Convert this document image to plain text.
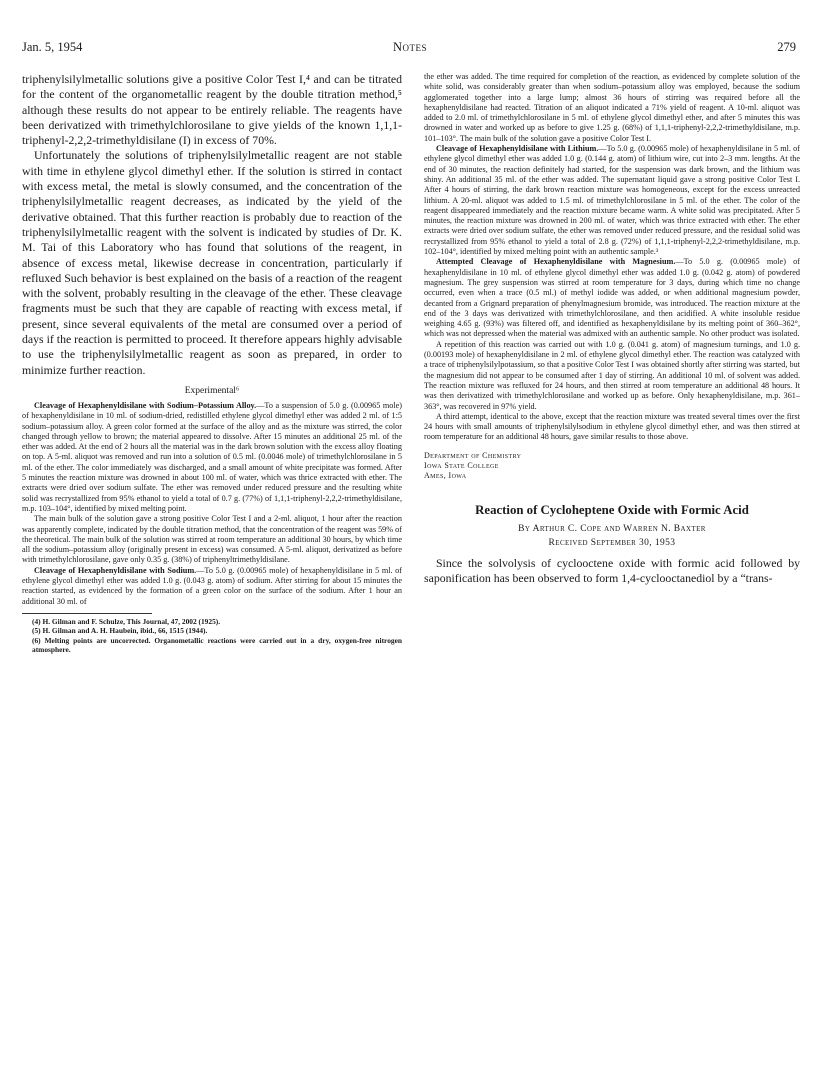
Jan. 5, 1954	Notes	279

triphenylsilylmetallic solutions give a positive Color Test I,⁴ and can be titrated for the content of the organometallic reagent by the double titration method,⁵ although these results do not appear to be entirely reliable. The reagents have been derivatized with trimethylchlorosilane to give yields of the known 1,1,1-triphenyl-2,2,2-trimethyldisilane (I) in excess of 70%.

Unfortunately the solutions of triphenylsilylmetallic reagent are not stable with time in ethylene glycol dimethyl ether. If the solution is stirred in contact with excess metal, the metal is slowly consumed, and the concentration of the triphenylsilylmetallic reagent decreases, as indicated by the yield of the derivative obtained. That this further reaction is probably due to reaction of the triphenylsilylmetallic reagent with the solvent is indicated by studies of Dr. K. M. Tai of this Laboratory who has found that solutions of the reagent, in absence of excess metal, likewise decrease in concentration, particularly if refluxed Such behavior is best explained on the basis of a reaction of the reagent with the solvent, probably resulting in the cleavage of the ether. These cleavage fragments must be such that they are capable of reacting with excess metal, if present, since several equivalents of the metal are consumed over a period of days if the reaction is permitted to proceed. It therefore appears highly advisable to use the triphenylsilylmetallic reagent as soon as prepared, in order to minimize further reaction.

Experimental⁶

Cleavage of Hexaphenyldisilane with Sodium–Potassium Alloy.—To a suspension of 5.0 g. (0.00965 mole) of hexaphenyldisilane in 10 ml. of sodium-dried, redistilled ethylene glycol dimethyl ether was added 2 ml. of 1:5 sodium–potassium alloy. A green color formed at the surface of the alloy and as the mixture was stirred, the color changed through yellow to brown; the material appeared to dissolve. After 15 minutes an additional 25 ml. of the ether was added. At the end of 2 hours all the material was in the dark brown solution with the excess alloy floating on top. A 5-ml. aliquot was removed and run into a solution of 0.5 ml. (0.0046 mole) of trimethylchlorosilane in 5 ml. of the ether. The color immediately was discharged, and a small amount of white precipitate was formed. After 5 minutes the reaction mixture was drowned in about 100 ml. of water, which was thrice extracted with ether. The extracts were dried over sodium sulfate. The ether was removed under reduced pressure and the resulting white solid was recrystallized from 95% ethanol to yield a total of 0.7 g. (77%) of 1,1,1-triphenyl-2,2,2-trimethyldisilane, m.p. 103–104°, identified by mixed melting point.

The main bulk of the solution gave a strong positive Color Test I and a 2-ml. aliquot, 1 hour after the reaction was apparently complete, indicated by the double titration method, that the concentration of the reagent was 59% of the theoretical. The main bulk of the solution was stirred at room temperature an additional 30 hours, by which time all the sodium–potassium alloy (originally present in excess) was consumed. A 5-ml. aliquot, derivatized as before with trimethylchlorosilane, gave only 0.35 g. (38%) of triphenyltrimethyldisilane.

Cleavage of Hexaphenyldisilane with Sodium.—To 5.0 g. (0.00965 mole) of hexaphenyldisilane in 5 ml. of ethylene glycol dimethyl ether was added 1.0 g. (0.043 g. atom) of sodium. After stirring for about 15 minutes the reaction started, as evidenced by the formation of a green color on the surface of the sodium. After 1 hour an additional 30 ml. of

(4) H. Gilman and F. Schulze, This Journal, 47, 2002 (1925).

(5) H. Gilman and A. H. Haubein, ibid., 66, 1515 (1944).

(6) Melting points are uncorrected. Organometallic reactions were carried out in a dry, oxygen-free nitrogen atmosphere.

the ether was added. The time required for completion of the reaction, as evidenced by complete solution of the white solid, was considerably greater than when sodium–potassium alloy was employed, because the sodium agglomerated together into a large lump; almost 36 hours of stirring was required before all the hexaphenyldisilane had reacted. Titration of an aliquot indicated a 71% yield of reagent. A 10-ml. aliquot was added to 2.0 ml. of trimethylchlorosilane in 5 ml. of ethylene glycol dimethyl ether, and after 5 minutes this was drowned in water and worked up as before to give 1.25 g. (68%) of 1,1,1-triphenyl-2,2,2-trimethyldisilane, m.p. 101–103°. The main bulk of the solution gave a positive Color Test I.

Cleavage of Hexaphenyldisilane with Lithium.—To 5.0 g. (0.00965 mole) of hexaphenyldisilane in 5 ml. of ethylene glycol dimethyl ether was added 1.0 g. (0.144 g. atom) of lithium wire, cut into 2–3 mm. lengths. At the end of 30 minutes, the reaction definitely had started, for the suspension was dark brown, and the lithium was shiny. An additional 35 ml. of the ether was added. The supernatant liquid gave a strong positive Color Test I. After 4 hours of stirring, the dark brown reaction mixture was homogeneous, except for the excess unreacted lithium. A 20-ml. aliquot was added to 1.5 ml. of trimethylchlorosilane in 5 ml. of the ether. The color of the reagent disappeared immediately and the reaction mixture became warm. A white solid was precipitated. After 5 minutes, the reaction mixture was drowned in 200 ml. of water, which was thrice extracted with ether. The ether extracts were dried over sodium sulfate, the ether was removed under reduced pressure, and the residual solid was recrystallized from 95% ethanol to yield a total of 2.8 g. (72%) of 1,1,1-triphenyl-2,2,2-trimethyldisilane, m.p. 102–104°, identified by mixed melting point with an authentic sample.³

Attempted Cleavage of Hexaphenyldisilane with Magnesium.—To 5.0 g. (0.00965 mole) of hexaphenyldisilane in 10 ml. of ethylene glycol dimethyl ether was added 1.0 g. (0.042 g. atom) of powdered magnesium. The grey suspension was stirred at room temperature for 3 days, during which time no change occurred, even when a trace (0.5 ml.) of methyl iodide was added, or when additional magnesium powder, decanted from a Grignard preparation of phenylmagnesium bromide, was introduced. The reaction mixture at the end of the 3 days was derivatized with trimethylchlorosilane, and then acidified. A white insoluble residue weighing 4.65 g. (93%) was filtered off, and identified as hexaphenyldisilane by its melting point of 360–362°, which was not depressed when the material was admixed with an authentic sample. No other product was isolated.

A repetition of this reaction was carried out with 1.0 g. (0.041 g. atom) of magnesium turnings, and 1.0 g. (0.00193 mole) of hexaphenyldisilane in 2 ml. of ethylene glycol dimethyl ether. The reaction was catalyzed with a trace of triphenylsilylpotassium, so that a positive Color Test I was obtained shortly after stirring was started, but the magnesium did not appear to be consumed after 1 day of stirring. An additional 10 ml. of solvent was added. The reaction mixture was refluxed for 24 hours, and then stirred at room temperature an additional 48 hours. It was then derivatized with trimethylchlorosilane and worked up as before. Only hexaphenyldisilane, m.p. 361–363°, was recovered in 97% yield.

A third attempt, identical to the above, except that the reaction mixture was treated several times over the first 24 hours with small amounts of triphenylsilylsodium in ethylene glycol dimethyl ether, and was then stirred at room temperature for an additional 48 hours, gave similar results to those above.

Department of Chemistry

Iowa State College

Ames, Iowa

Reaction of Cycloheptene Oxide with Formic Acid
By Arthur C. Cope and Warren N. Baxter
Received September 30, 1953

Since the solvolysis of cyclooctene oxide with formic acid followed by saponification has been observed to form 1,4-cyclooctanediol by a “trans-
